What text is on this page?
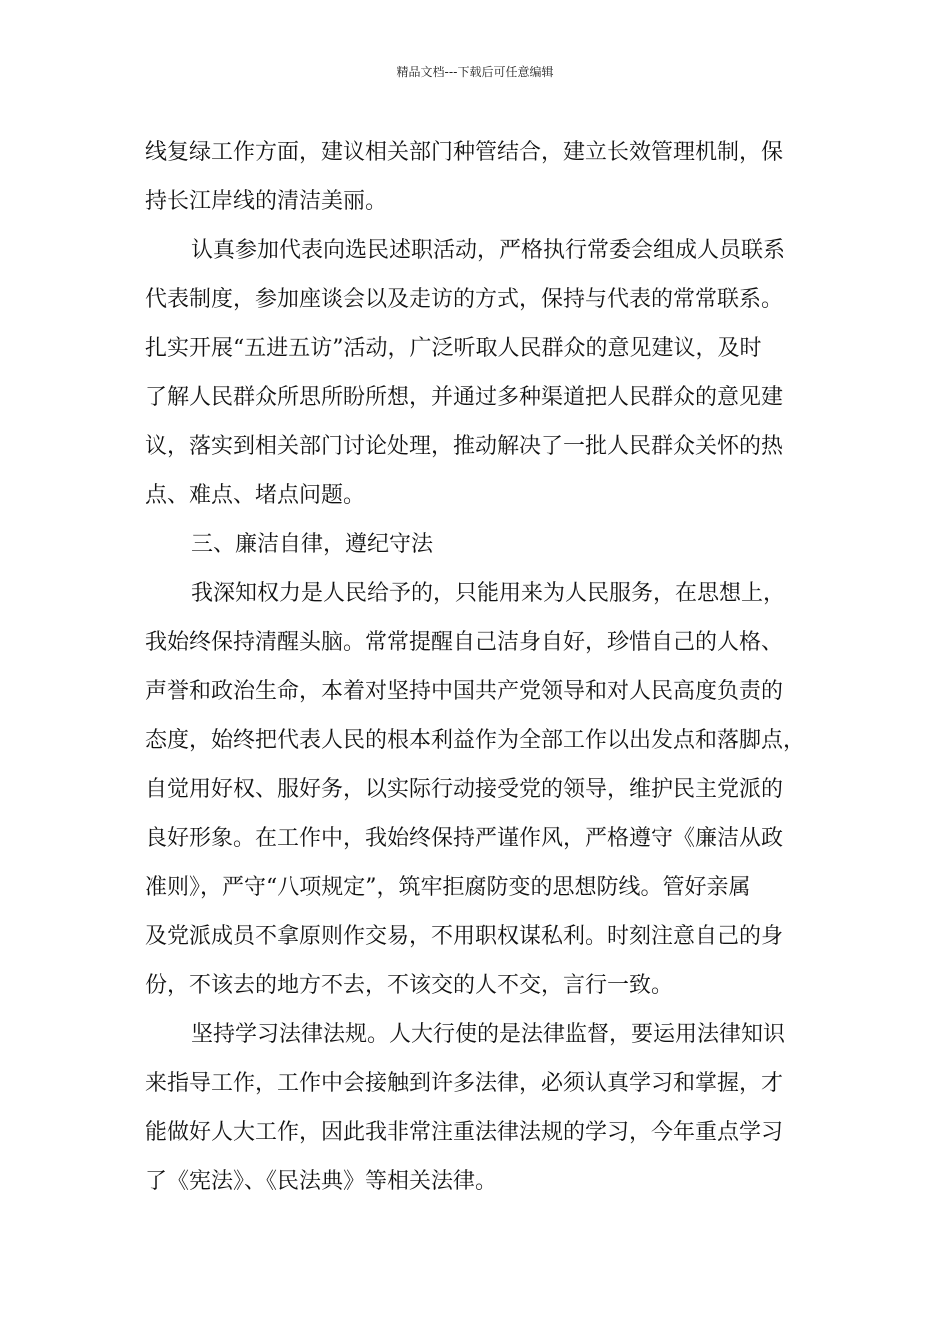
精品文档---下载后可任意编辑
线复绿工作方面，建议相关部门种管结合，建立长效管理机制，保
持长江岸线的清洁美丽。
认真参加代表向选民述职活动，严格执行常委会组成人员联系
代表制度，参加座谈会以及走访的方式，保持与代表的常常联系。
扎实开展“五进五访”活动，广泛听取人民群众的意见建议，及时
了解人民群众所思所盼所想，并通过多种渠道把人民群众的意见建
议，落实到相关部门讨论处理，推动解决了一批人民群众关怀的热
点、难点、堵点问题。
三、廉洁自律，遵纪守法
我深知权力是人民给予的，只能用来为人民服务，在思想上，
我始终保持清醒头脑。常常提醒自己洁身自好，珍惜自己的人格、
声誉和政治生命，本着对坚持中国共产党领导和对人民高度负责的
态度，始终把代表人民的根本利益作为全部工作以出发点和落脚点，
自觉用好权、服好务，以实际行动接受党的领导，维护民主党派的
良好形象。在工作中，我始终保持严谨作风，严格遵守《廉洁从政
准则》，严守“八项规定”，筑牢拒腐防变的思想防线。管好亲属
及党派成员不拿原则作交易，不用职权谋私利。时刻注意自己的身
份，不该去的地方不去，不该交的人不交，言行一致。
坚持学习法律法规。人大行使的是法律监督，要运用法律知识
来指导工作，工作中会接触到许多法律，必须认真学习和掌握，才
能做好人大工作，因此我非常注重法律法规的学习，今年重点学习
了《宪法》、《民法典》等相关法律。
